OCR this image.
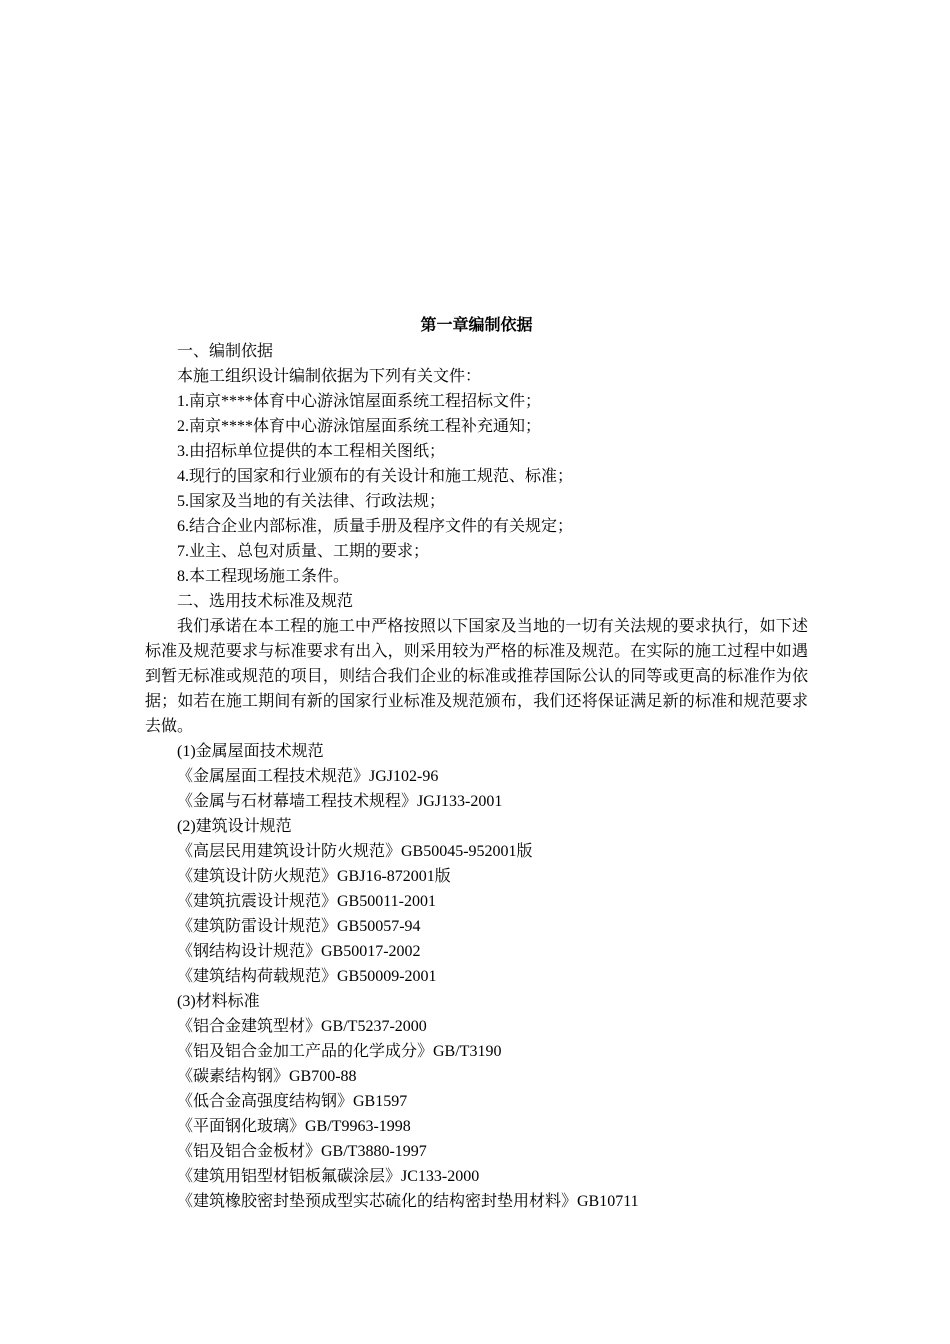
第一章编制依据

一、编制依据

本施工组织设计编制依据为下列有关文件：

1.南京****体育中心游泳馆屋面系统工程招标文件；

2.南京****体育中心游泳馆屋面系统工程补充通知；

3.由招标单位提供的本工程相关图纸；

4.现行的国家和行业颁布的有关设计和施工规范、标准；

5.国家及当地的有关法律、行政法规；

6.结合企业内部标准，质量手册及程序文件的有关规定；

7.业主、总包对质量、工期的要求；

8.本工程现场施工条件。

二、选用技术标准及规范

我们承诺在本工程的施工中严格按照以下国家及当地的一切有关法规的要求执行，如下述标准及规范要求与标准要求有出入，则采用较为严格的标准及规范。在实际的施工过程中如遇到暂无标准或规范的项目，则结合我们企业的标准或推荐国际公认的同等或更高的标准作为依据；如若在施工期间有新的国家行业标准及规范颁布，我们还将保证满足新的标准和规范要求去做。

(1)金属屋面技术规范

《金属屋面工程技术规范》JGJ102-96

《金属与石材幕墙工程技术规程》JGJ133-2001

(2)建筑设计规范

《高层民用建筑设计防火规范》GB50045-952001版

《建筑设计防火规范》GBJ16-872001版

《建筑抗震设计规范》GB50011-2001

《建筑防雷设计规范》GB50057-94

《钢结构设计规范》GB50017-2002

《建筑结构荷载规范》GB50009-2001

(3)材料标准

《铝合金建筑型材》GB/T5237-2000

《铝及铝合金加工产品的化学成分》GB/T3190

《碳素结构钢》GB700-88

《低合金高强度结构钢》GB1597

《平面钢化玻璃》GB/T9963-1998

《铝及铝合金板材》GB/T3880-1997

《建筑用铝型材铝板氟碳涂层》JC133-2000

《建筑橡胶密封垫预成型实芯硫化的结构密封垫用材料》GB10711
